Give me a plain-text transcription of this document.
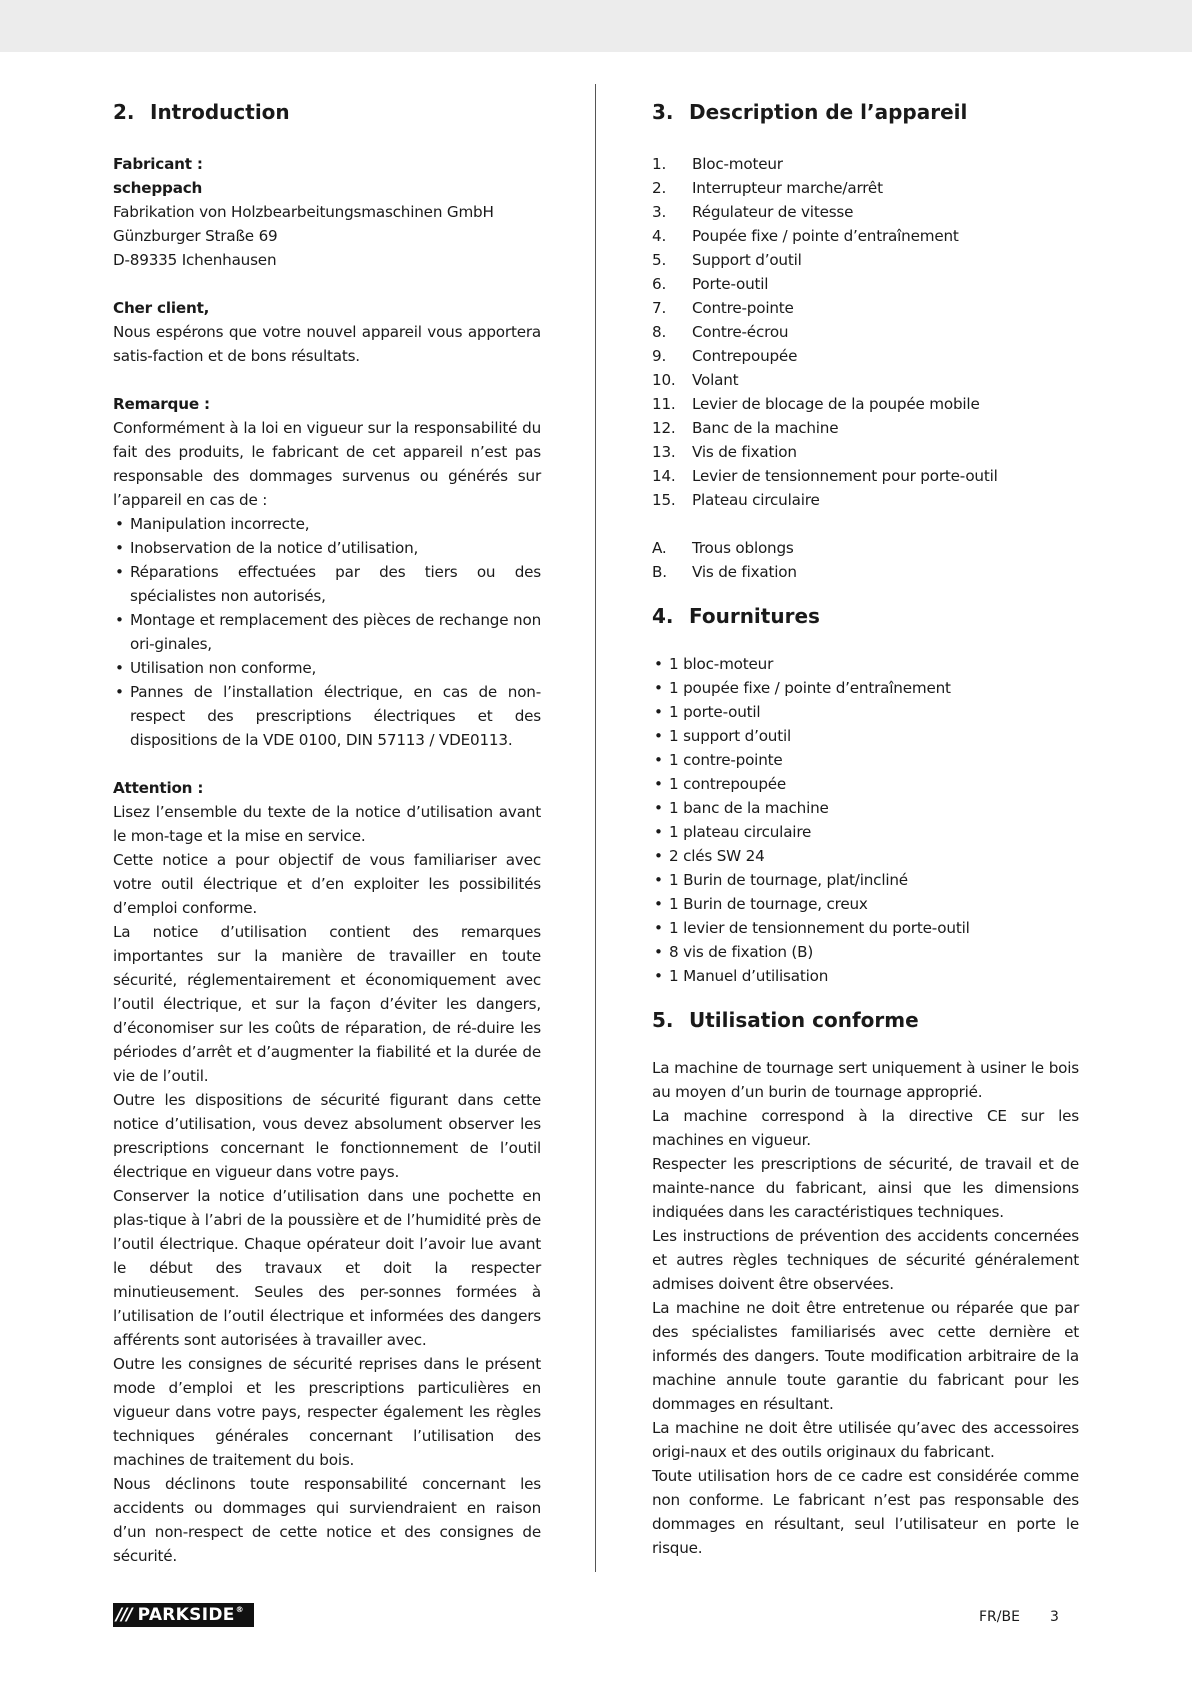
2. Introduction

Fabricant :

scheppach

Fabrikation von Holzbearbeitungsmaschinen GmbH

Günzburger Straße 69

D-89335 Ichenhausen

Cher client,

Nous espérons que votre nouvel appareil vous apportera satis-faction et de bons résultats.

Remarque :

Conformément à la loi en vigueur sur la responsabilité du fait des produits, le fabricant de cet appareil n’est pas responsable des dommages survenus ou générés sur l’appareil en cas de :

• Manipulation incorrecte,
• Inobservation de la notice d’utilisation,
• Réparations effectuées par des tiers ou des spécialistes non autorisés,
• Montage et remplacement des pièces de rechange non ori-ginales,
• Utilisation non conforme,
• Pannes de l’installation électrique, en cas de non-respect des prescriptions électriques et des dispositions de la VDE 0100, DIN 57113 / VDE0113.

Attention :

Lisez l’ensemble du texte de la notice d’utilisation avant le mon-tage et la mise en service.

Cette notice a pour objectif de vous familiariser avec votre outil électrique et d’en exploiter les possibilités d’emploi conforme.

La notice d’utilisation contient des remarques importantes sur la manière de travailler en toute sécurité, réglementairement et économiquement avec l’outil électrique, et sur la façon d’éviter les dangers, d’économiser sur les coûts de réparation, de ré-duire les périodes d’arrêt et d’augmenter la fiabilité et la durée de vie de l’outil.

Outre les dispositions de sécurité figurant dans cette notice d’utilisation, vous devez absolument observer les prescriptions concernant le fonctionnement de l’outil électrique en vigueur dans votre pays.

Conserver la notice d’utilisation dans une pochette en plas-tique à l’abri de la poussière et de l’humidité près de l’outil électrique. Chaque opérateur doit l’avoir lue avant le début des travaux et doit la respecter minutieusement. Seules des per-sonnes formées à l’utilisation de l’outil électrique et informées des dangers afférents sont autorisées à travailler avec.

Outre les consignes de sécurité reprises dans le présent mode d’emploi et les prescriptions particulières en vigueur dans votre pays, respecter également les règles techniques générales concernant l’utilisation des machines de traitement du bois.

Nous déclinons toute responsabilité concernant les accidents ou dommages qui surviendraient en raison d’un non-respect de cette notice et des consignes de sécurité.

3. Description de l’appareil
1.	Bloc-moteur
2.	Interrupteur marche/arrêt
3.	Régulateur de vitesse
4.	Poupée fixe / pointe d’entraînement
5.	Support d’outil
6.	Porte-outil
7.	Contre-pointe
8.	Contre-écrou
9.	Contrepoupée
10.	Volant
11.	Levier de blocage de la poupée mobile
12.	Banc de la machine
13.	Vis de fixation
14.	Levier de tensionnement pour porte-outil
15.	Plateau circulaire
A.	Trous oblongs
B.	Vis de fixation
4. Fournitures
• 1 bloc-moteur
• 1 poupée fixe / pointe d’entraînement
• 1 porte-outil
• 1 support d’outil
• 1 contre-pointe
• 1 contrepoupée
• 1 banc de la machine
• 1 plateau circulaire
• 2 clés SW 24
• 1 Burin de tournage, plat/incliné
• 1 Burin de tournage, creux
• 1 levier de tensionnement du porte-outil
• 8 vis de fixation (B)
• 1 Manuel d’utilisation
5. Utilisation conforme

La machine de tournage sert uniquement à usiner le bois au moyen d’un burin de tournage approprié.

La machine correspond à la directive CE sur les machines en vigueur.

Respecter les prescriptions de sécurité, de travail et de mainte-nance du fabricant, ainsi que les dimensions indiquées dans les caractéristiques techniques.

Les instructions de prévention des accidents concernées et autres règles techniques de sécurité généralement admises doivent être observées.

La machine ne doit être entretenue ou réparée que par des spécialistes familiarisés avec cette dernière et informés des dangers. Toute modification arbitraire de la machine annule toute garantie du fabricant pour les dommages en résultant.

La machine ne doit être utilisée qu’avec des accessoires origi-naux et des outils originaux du fabricant.

Toute utilisation hors de ce cadre est considérée comme non conforme. Le fabricant n’est pas responsable des dommages en résultant, seul l’utilisateur en porte le risque.

/// PARKSIDE ®	FR/BE 3
